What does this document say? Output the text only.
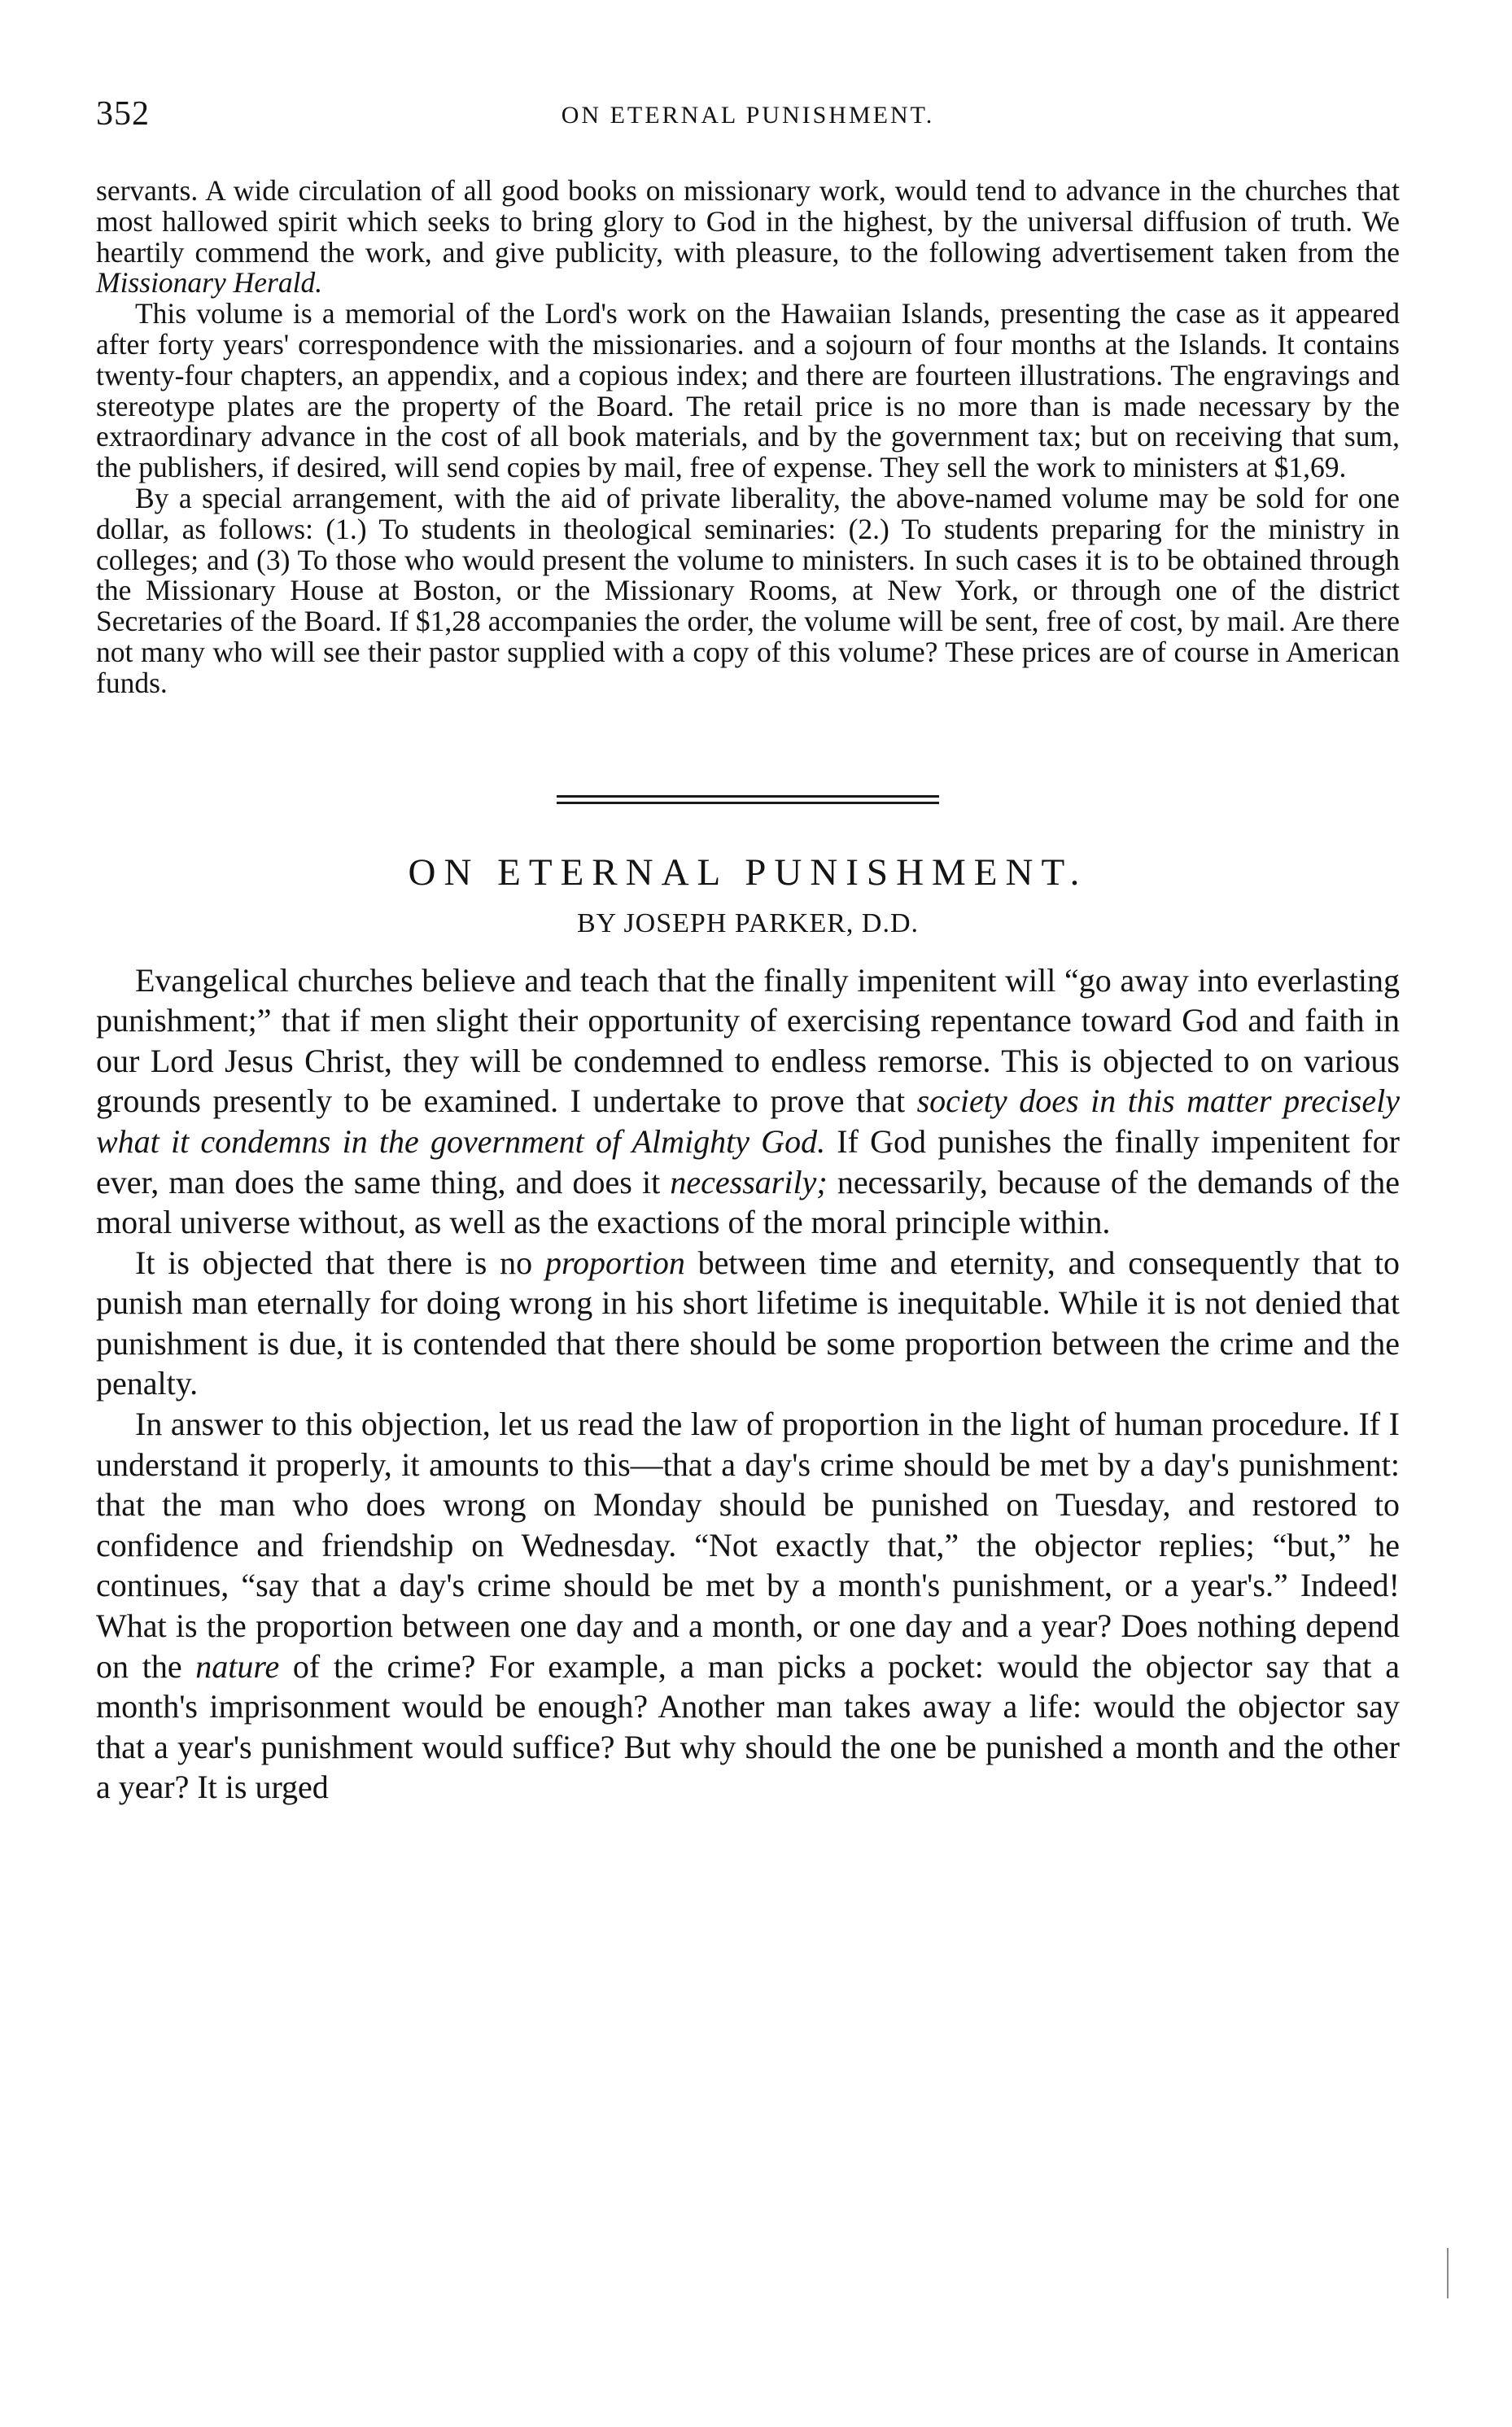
352	ON ETERNAL PUNISHMENT.

servants. A wide circulation of all good books on missionary work, would tend to advance in the churches that most hallowed spirit which seeks to bring glory to God in the highest, by the universal diffusion of truth. We heartily commend the work, and give publicity, with pleasure, to the following advertisement taken from the Missionary Herald.

This volume is a memorial of the Lord's work on the Hawaiian Islands, presenting the case as it appeared after forty years' correspondence with the missionaries. and a sojourn of four months at the Islands. It contains twenty-four chapters, an appendix, and a copious index; and there are fourteen illustrations. The engravings and stereotype plates are the property of the Board. The retail price is no more than is made necessary by the extraordinary advance in the cost of all book materials, and by the government tax; but on receiving that sum, the publishers, if desired, will send copies by mail, free of expense. They sell the work to ministers at $1,69.

By a special arrangement, with the aid of private liberality, the above-named volume may be sold for one dollar, as follows: (1.) To students in theological seminaries: (2.) To students preparing for the ministry in colleges; and (3) To those who would present the volume to ministers. In such cases it is to be obtained through the Missionary House at Boston, or the Missionary Rooms, at New York, or through one of the district Secretaries of the Board. If $1,28 accompanies the order, the volume will be sent, free of cost, by mail. Are there not many who will see their pastor supplied with a copy of this volume? These prices are of course in American funds.

ON ETERNAL PUNISHMENT.
BY JOSEPH PARKER, D.D.

Evangelical churches believe and teach that the finally impenitent will “go away into everlasting punishment;” that if men slight their opportunity of exercising repentance toward God and faith in our Lord Jesus Christ, they will be condemned to endless remorse. This is objected to on various grounds presently to be examined. I undertake to prove that society does in this matter precisely what it condemns in the government of Almighty God. If God punishes the finally impenitent for ever, man does the same thing, and does it necessarily; necessarily, because of the demands of the moral universe without, as well as the exactions of the moral principle within.

It is objected that there is no proportion between time and eternity, and consequently that to punish man eternally for doing wrong in his short lifetime is inequitable. While it is not denied that punishment is due, it is contended that there should be some proportion between the crime and the penalty.

In answer to this objection, let us read the law of proportion in the light of human procedure. If I understand it properly, it amounts to this—that a day's crime should be met by a day's punishment: that the man who does wrong on Monday should be punished on Tuesday, and restored to confidence and friendship on Wednesday. “Not exactly that,” the objector replies; “but,” he continues, “say that a day's crime should be met by a month's punishment, or a year's.” Indeed! What is the proportion between one day and a month, or one day and a year? Does nothing depend on the nature of the crime? For example, a man picks a pocket: would the objector say that a month's imprisonment would be enough? Another man takes away a life: would the objector say that a year's punishment would suffice? But why should the one be punished a month and the other a year? It is urged
